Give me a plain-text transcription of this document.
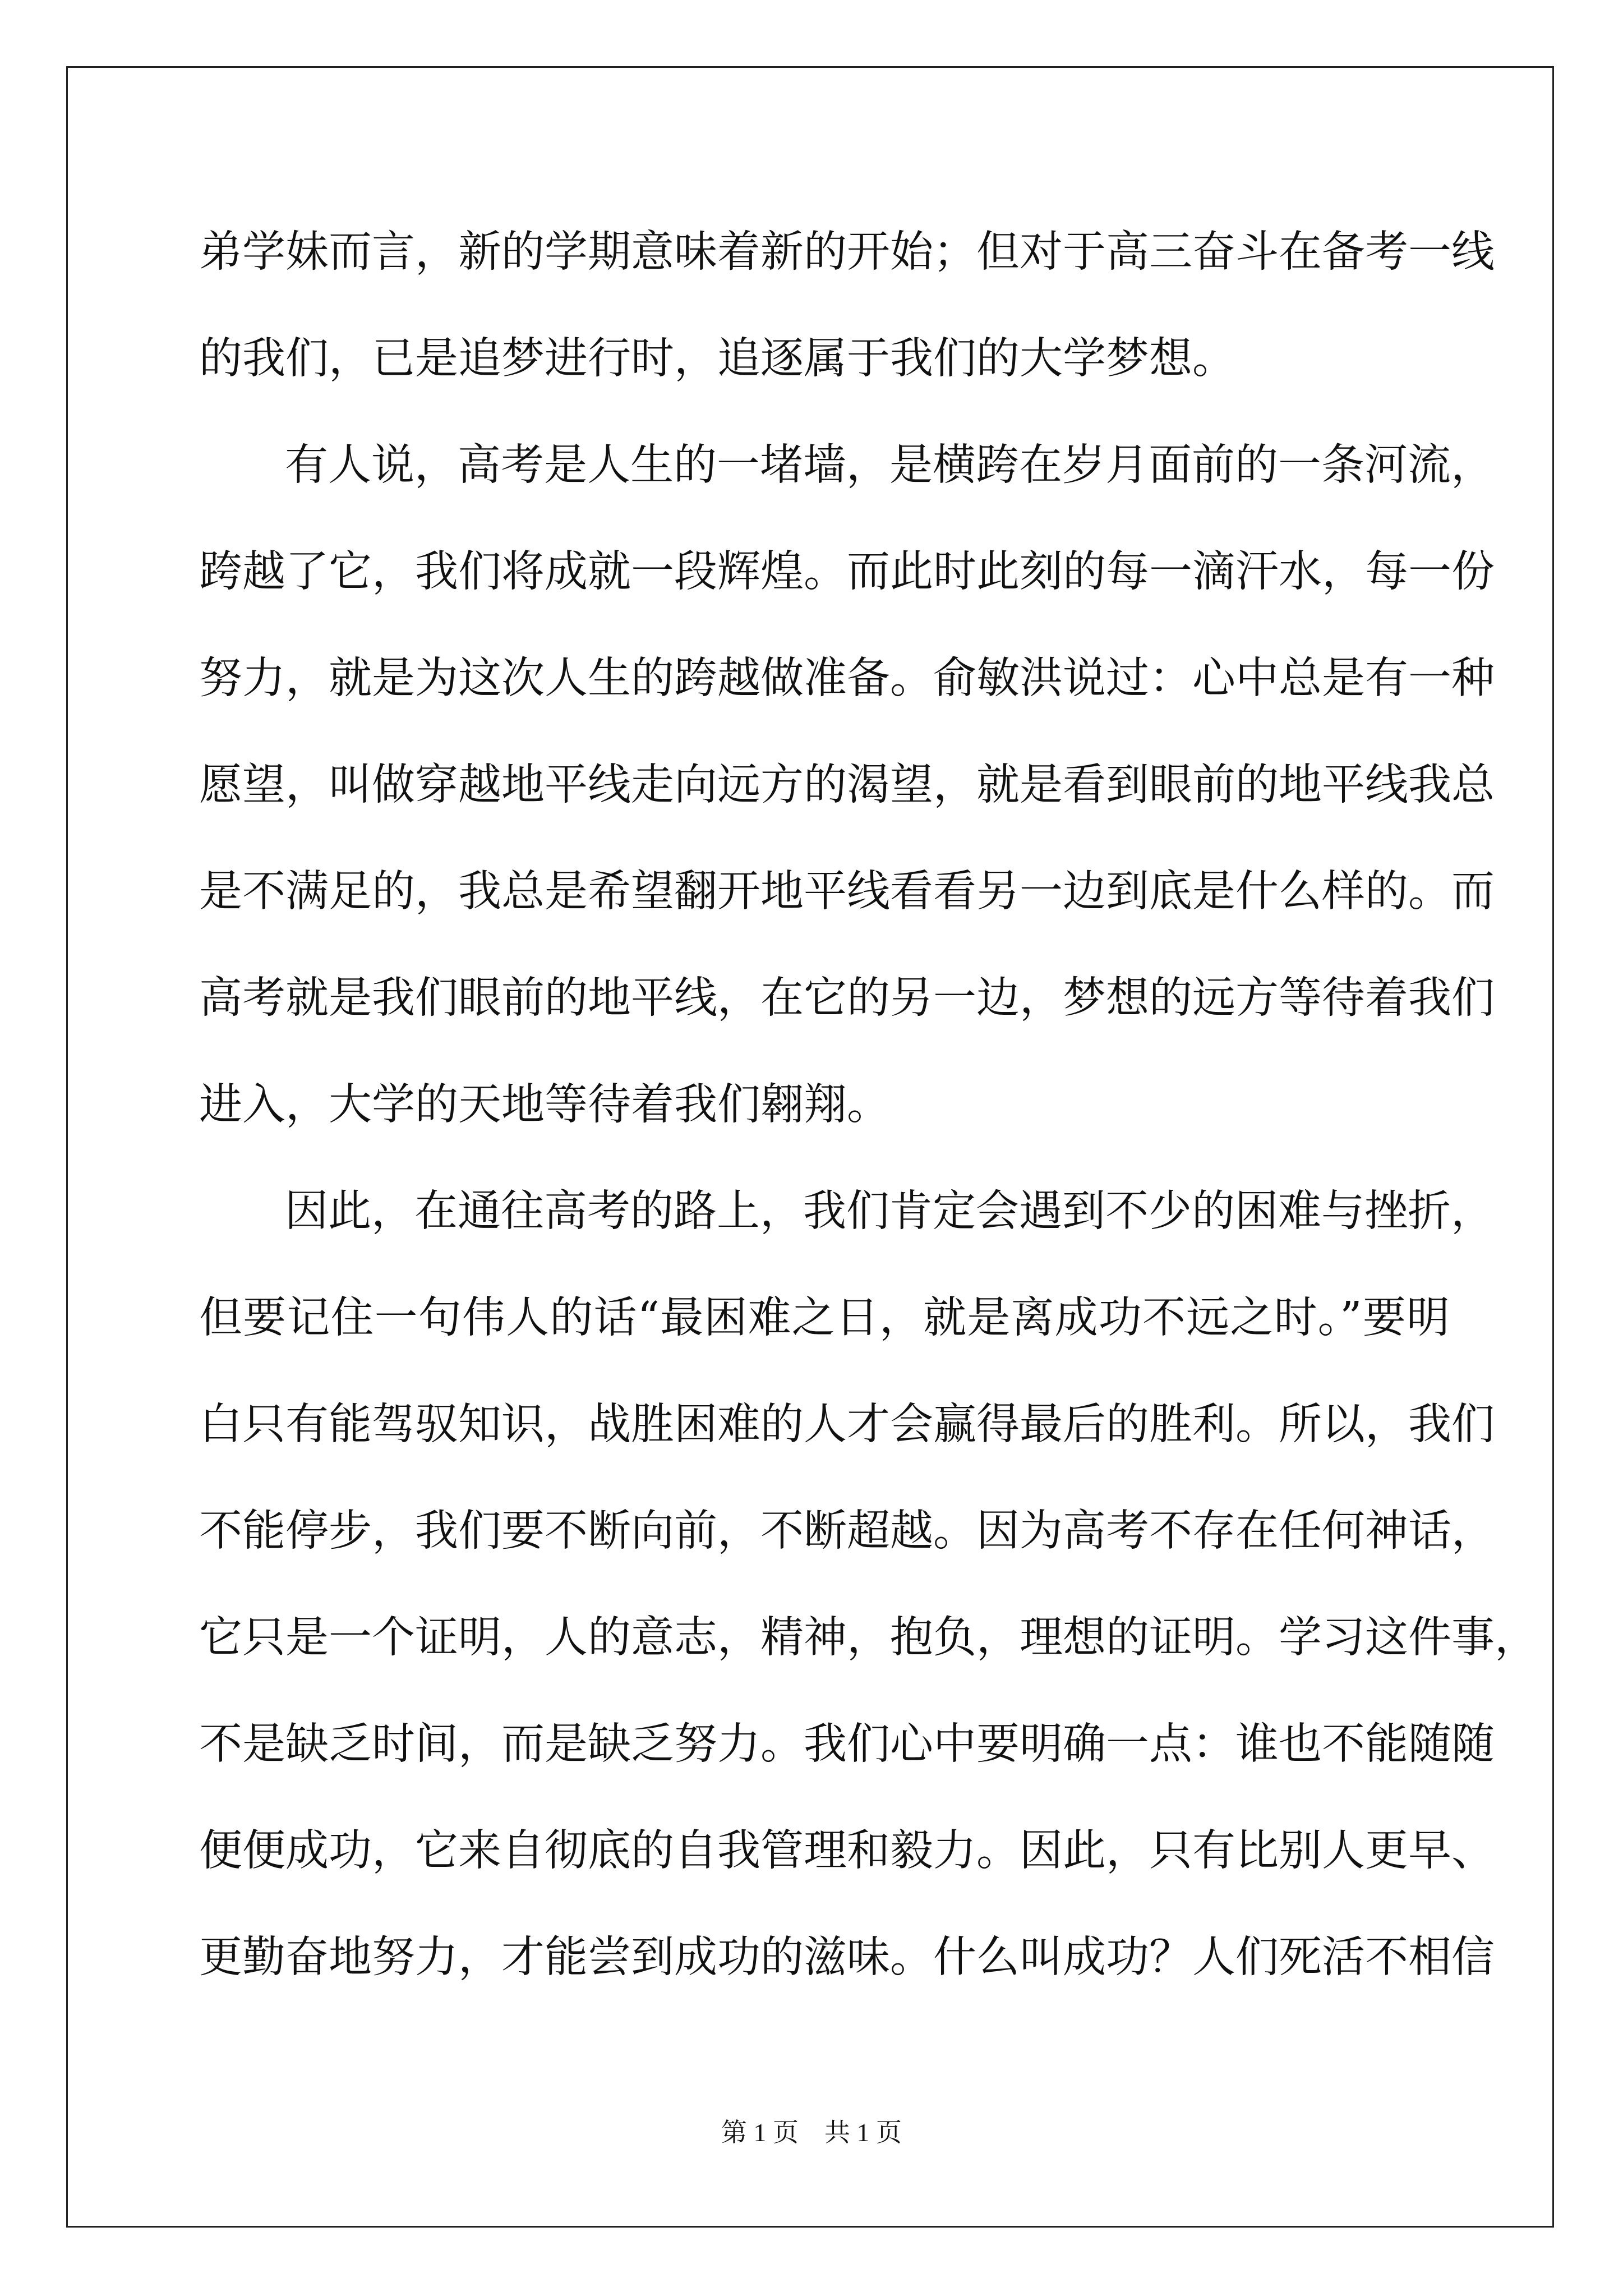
弟学妹而言，新的学期意味着新的开始；但对于高三奋斗在备考一线
的我们，已是追梦进行时，追逐属于我们的大学梦想。
有人说，高考是人生的一堵墙，是横跨在岁月面前的一条河流，
跨越了它，我们将成就一段辉煌。而此时此刻的每一滴汗水，每一份
努力，就是为这次人生的跨越做准备。俞敏洪说过：心中总是有一种
愿望，叫做穿越地平线走向远方的渴望，就是看到眼前的地平线我总
是不满足的，我总是希望翻开地平线看看另一边到底是什么样的。而
高考就是我们眼前的地平线，在它的另一边，梦想的远方等待着我们
进入，大学的天地等待着我们翱翔。
因此，在通往高考的路上，我们肯定会遇到不少的困难与挫折，
但要记住一句伟人的话“最困难之日，就是离成功不远之时。”要明
白只有能驾驭知识，战胜困难的人才会赢得最后的胜利。所以，我们
不能停步，我们要不断向前，不断超越。因为高考不存在任何神话，
它只是一个证明，人的意志，精神，抱负，理想的证明。学习这件事，
不是缺乏时间，而是缺乏努力。我们心中要明确一点：谁也不能随随
便便成功，它来自彻底的自我管理和毅力。因此，只有比别人更早、
更勤奋地努力，才能尝到成功的滋味。什么叫成功？人们死活不相信
第 1 页 共 1 页
